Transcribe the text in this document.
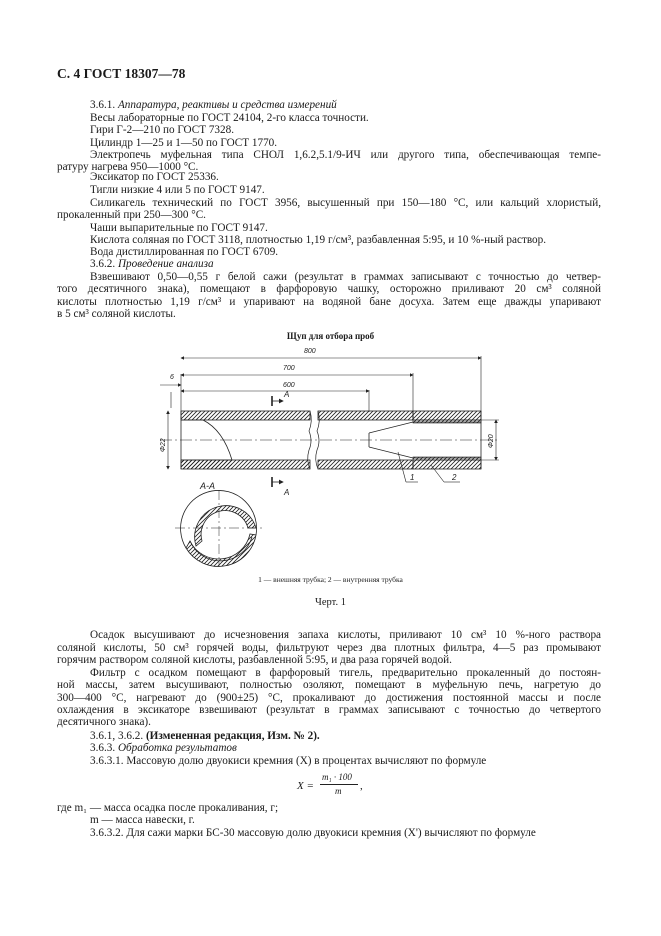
С. 4 ГОСТ 18307—78
3.6.1. Аппаратура, реактивы и средства измерений
Весы лабораторные по ГОСТ 24104, 2-го класса точности.
Гири Г-2—210 по ГОСТ 7328.
Цилиндр 1—25 и 1—50 по ГОСТ 1770.
Электропечь муфельная типа СНОЛ 1,6.2,5.1/9-ИЧ или другого типа, обеспечивающая темпе-
ратуру нагрева 950—1000 °С.
Эксикатор по ГОСТ 25336.
Тигли низкие 4 или 5 по ГОСТ 9147.
Силикагель технический по ГОСТ 3956, высушенный при 150—180 °С, или кальций хлористый,
прокаленный при 250—300 °С.
Чаши выпарительные по ГОСТ 9147.
Кислота соляная по ГОСТ 3118, плотностью 1,19 г/см³, разбавленная 5:95, и 10 %-ный раствор.
Вода дистиллированная по ГОСТ 6709.
3.6.2. Проведение анализа
Взвешивают 0,50—0,55 г белой сажи (результат в граммах записывают с точностью до четвер-
того десятичного знака), помещают в фарфоровую чашку, осторожно приливают 20 см³ соляной
кислоты плотностью 1,19 г/см³ и упаривают на водяной бане досуха. Затем еще дважды упаривают
в 5 см³ соляной кислоты.
Щуп для отбора проб
800
700
600
6
Φ22	Φ20
А
А
1	2
А-А
1 — внешняя трубка; 2 — внутренняя трубка
Черт. 1
Осадок высушивают до исчезновения запаха кислоты, приливают 10 см³ 10 %-ного раствора
соляной кислоты, 50 см³ горячей воды, фильтруют через два плотных фильтра, 4—5 раз промывают
горячим раствором соляной кислоты, разбавленной 5:95, и два раза горячей водой.
Фильтр с осадком помещают в фарфоровый тигель, предварительно прокаленный до постоян-
ной массы, затем высушивают, полностью озоляют, помещают в муфельную печь, нагретую до
300—400 °С, нагревают до (900±25) °С, прокаливают до достижения постоянной массы и после
охлаждения в эксикаторе взвешивают (результат в граммах записывают с точностью до четвертого
десятичного знака).
3.6.1, 3.6.2. (Измененная редакция, Изм. № 2).
3.6.3. Обработка результатов
3.6.3.1. Массовую долю двуокиси кремния (X) в процентах вычисляют по формуле
X =
m₁ · 100
m ,
где m₁ — масса осадка после прокаливания, г;
m — масса навески, г.
3.6.3.2. Для сажи марки БС-30 массовую долю двуокиси кремния (X') вычисляют по формуле
